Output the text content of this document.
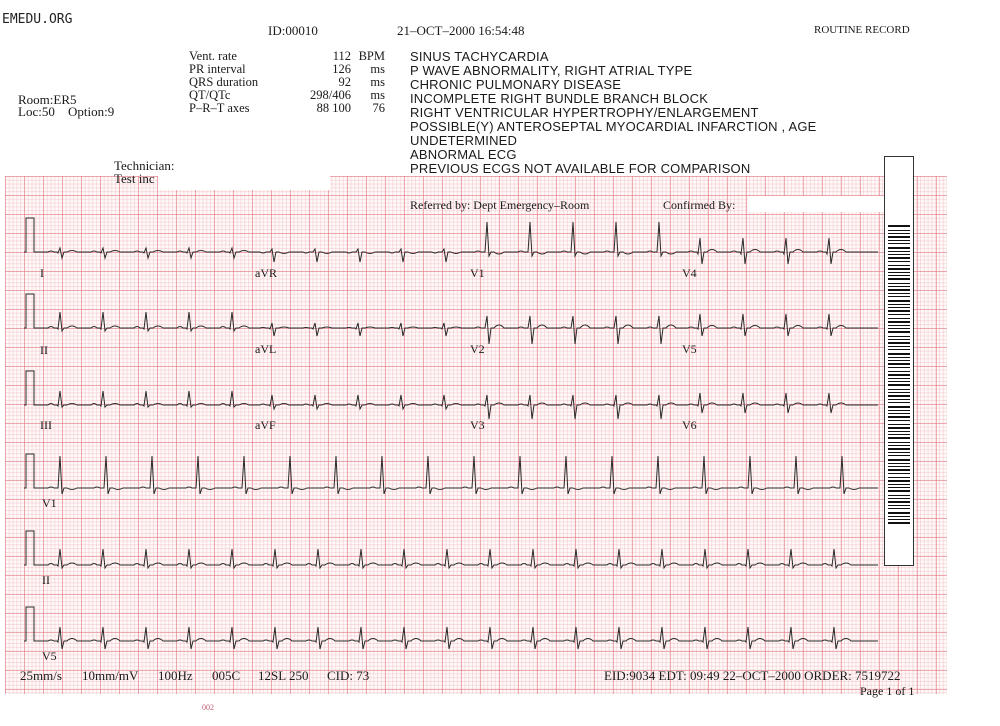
EMEDU.ORG
ID:00010	21–OCT–2000 16:54:48	ROUTINE RECORD
Room:ER5
Loc:50 Option:9
Vent. rate	112	BPM
PR interval	126	ms
QRS duration	92	ms
QT/QTc	298/406	ms
P–R–T axes	88 100	76
SINUS TACHYCARDIA
P WAVE ABNORMALITY, RIGHT ATRIAL TYPE
CHRONIC PULMONARY DISEASE
INCOMPLETE RIGHT BUNDLE BRANCH BLOCK
RIGHT VENTRICULAR HYPERTROPHY/ENLARGEMENT
POSSIBLE(Y) ANTEROSEPTAL MYOCARDIAL INFARCTION , AGE
UNDETERMINED
ABNORMAL ECG
PREVIOUS ECGS NOT AVAILABLE FOR COMPARISON
Technician:
Test inc
Referred by: Dept Emergency–Room	Confirmed By:
I	aVR	V1	V4
II	aVL	V2	V5
III	aVF	V3	V6
V1
II
V5
25mm/s 10mm/mV 100Hz 005C 12SL 250 CID: 73	EID:9034 EDT: 09:49 22–OCT–2000 ORDER: 7519722
Page 1 of 1
002
